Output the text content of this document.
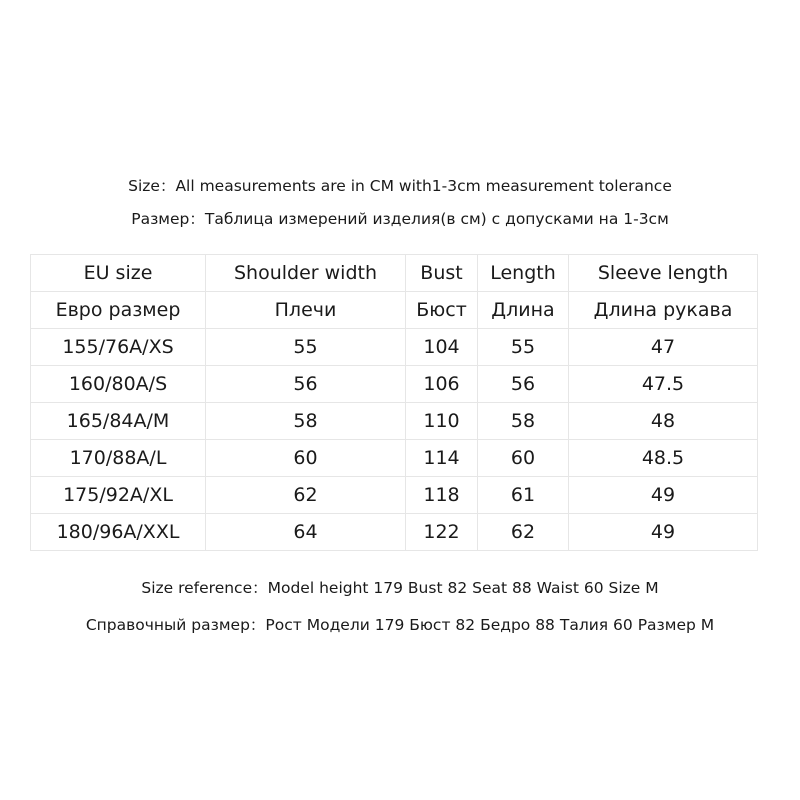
Size：All measurements are in CM with1-3cm measurement tolerance
Размер：Таблица измерений изделия(в см) с допусками на 1-3см
EU size	Shoulder width	Bust	Length	Sleeve length
Евро размер	Плечи	Бюст	Длина	Длина рукава
155/76A/XS	55	104	55	47
160/80A/S	56	106	56	47.5
165/84A/M	58	110	58	48
170/88A/L	60	114	60	48.5
175/92A/XL	62	118	61	49
180/96A/XXL	64	122	62	49
Size reference：Model height 179 Bust 82 Seat 88 Waist 60 Size M
Справочный размер：Рост Модели 179 Бюст 82 Бедро 88 Талия 60 Размер M
